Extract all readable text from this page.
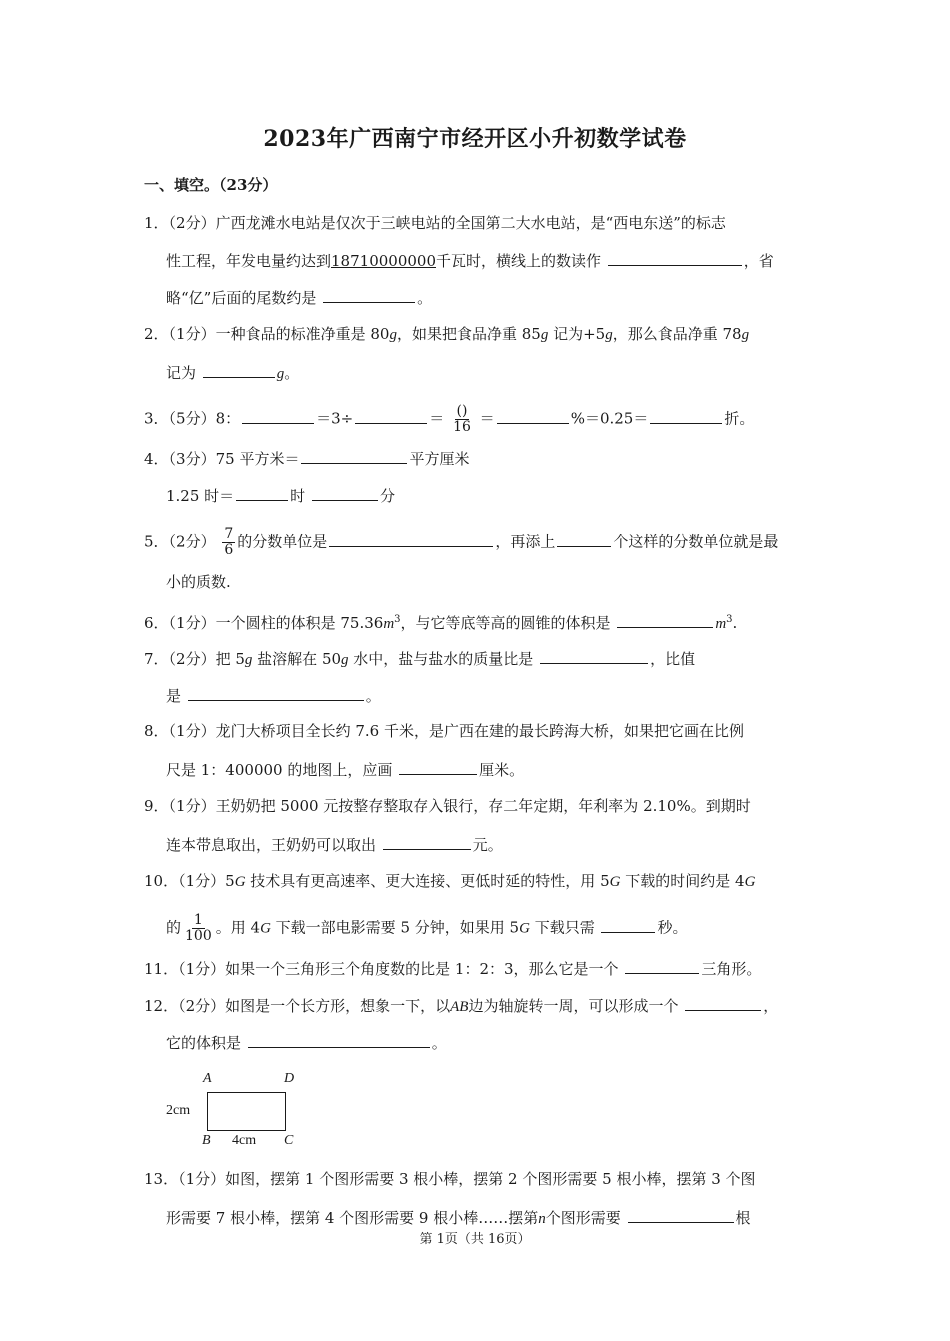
2023年广西南宁市经开区小升初数学试卷
一、填空。（23分）
1．（2分）广西龙滩水电站是仅次于三峡电站的全国第二大水电站，是“西电东送”的标志
性工程，年发电量约达到18710000000千瓦时，横线上的数读作	，省
略“亿”后面的尾数约是	。
2．（1分）一种食品的标准净重是 80g，如果把食品净重 85g 记为+5g，那么食品净重 78g
记为	g。
3．（5分）8：	＝3÷	＝ $\frac{()}{16}$ ＝	%＝0.25＝	折。
4．（3分）75 平方米＝	平方厘米
1.25 时＝	时	分
5．（2分） $\frac{7}{6}$ 的分数单位是	，再添上	个这样的分数单位就是最
小的质数.
6．（1分）一个圆柱的体积是 $75.36m^3$，与它等底等高的圆锥的体积是	$m^3$.
7．（2分）把 5g 盐溶解在 50g 水中，盐与盐水的质量比是	，比值
是	。
8．（1分）龙门大桥项目全长约 7.6 千米，是广西在建的最长跨海大桥，如果把它画在比例
尺是 1：400000 的地图上，应画	厘米。
9．（1分）王奶奶把 5000 元按整存整取存入银行，存二年定期，年利率为 2.10%。到期时
连本带息取出，王奶奶可以取出	元。
10．（1分）5G 技术具有更高速率、更大连接、更低时延的特性，用 5G 下载的时间约是 4G
的 $\frac{1}{100}$ 。用 4G 下载一部电影需要 5 分钟，如果用 5G 下载只需	秒。
11．（1分）如果一个三角形三个角度数的比是 1：2：3，那么它是一个	三角形。
12．（2分）如图是一个长方形，想象一下，以AB边为轴旋转一周，可以形成一个	，
它的体积是	。
A	D
B	C
2cm
4cm
13．（1分）如图，摆第 1 个图形需要 3 根小棒，摆第 2 个图形需要 5 根小棒，摆第 3 个图
形需要 7 根小棒，摆第 4 个图形需要 9 根小棒……摆第n个图形需要	根
第 1页（共 16页）
